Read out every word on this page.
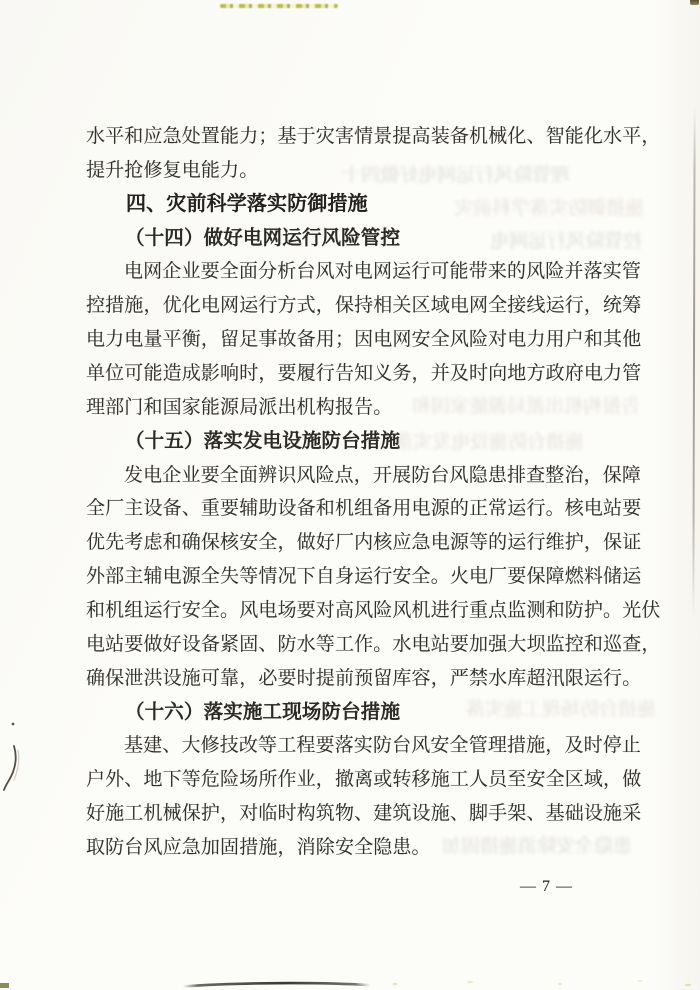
水平和应急处置能力；基于灾害情景提高装备机械化、智能化水平，
提升抢修复电能力。
四、灾前科学落实防御措施
（十四）做好电网运行风险管控
电网企业要全面分析台风对电网运行可能带来的风险并落实管
控措施，优化电网运行方式，保持相关区域电网全接线运行，统筹
电力电量平衡，留足事故备用；因电网安全风险对电力用户和其他
单位可能造成影响时，要履行告知义务，并及时向地方政府电力管
理部门和国家能源局派出机构报告。
（十五）落实发电设施防台措施
发电企业要全面辨识风险点，开展防台风隐患排查整治，保障
全厂主设备、重要辅助设备和机组备用电源的正常运行。核电站要
优先考虑和确保核安全，做好厂内核应急电源等的运行维护，保证
外部主辅电源全失等情况下自身运行安全。火电厂要保障燃料储运
和机组运行安全。风电场要对高风险风机进行重点监测和防护。光伏
电站要做好设备紧固、防水等工作。水电站要加强大坝监控和巡查，
确保泄洪设施可靠，必要时提前预留库容，严禁水库超汛限运行。
（十六）落实施工现场防台措施
基建、大修技改等工程要落实防台风安全管理措施，及时停止
户外、地下等危险场所作业，撤离或转移施工人员至安全区域，做
好施工机械保护，对临时构筑物、建筑设施、脚手架、基础设施采
取防台风应急加固措施，消除安全隐患。
— 7 —
理管险风行运网电好做四十
施措御防实落学科前灾
控管险风行运网电
告报构机出派局源能家国和
施措台防施设电发实落
施措台防场现工施实落
患隐全安除消施措固加
